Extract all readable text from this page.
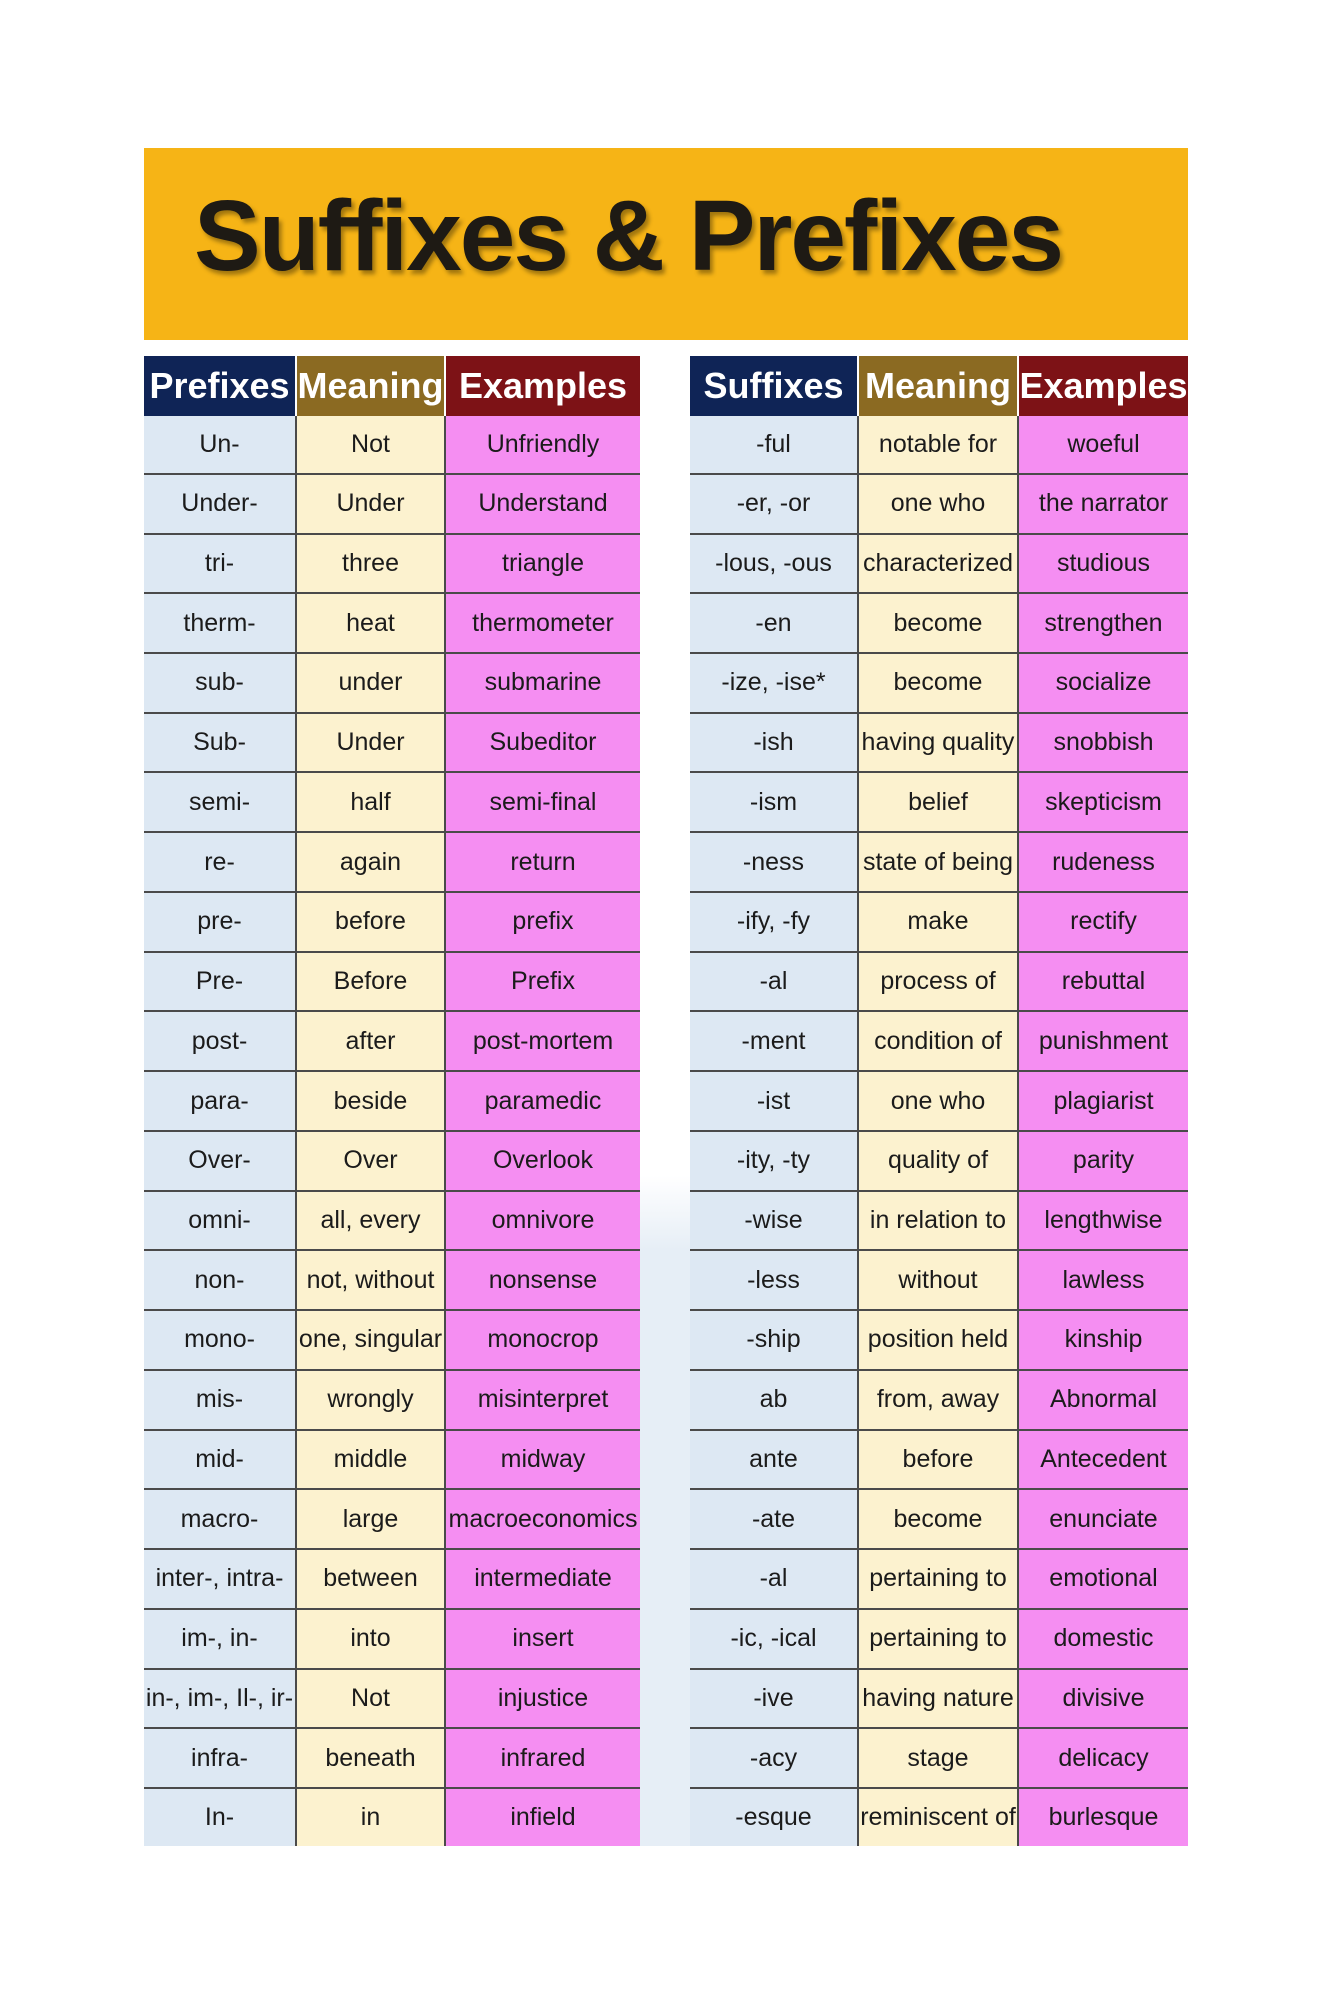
Suffixes & Prefixes
Prefixes	Meaning	Examples
Un-	Not	Unfriendly
Under-	Under	Understand
tri-	three	triangle
therm-	heat	thermometer
sub-	under	submarine
Sub-	Under	Subeditor
semi-	half	semi-final
re-	again	return
pre-	before	prefix
Pre-	Before	Prefix
post-	after	post-mortem
para-	beside	paramedic
Over-	Over	Overlook
omni-	all, every	omnivore
non-	not, without	nonsense
mono-	one, singular	monocrop
mis-	wrongly	misinterpret
mid-	middle	midway
macro-	large	macroeconomics
inter-, intra-	between	intermediate
im-, in-	into	insert
in-, im-, Il-, ir-	Not	injustice
infra-	beneath	infrared
In-	in	infield
Suffixes	Meaning	Examples
-ful	notable for	woeful
-er, -or	one who	the narrator
-lous, -ous	characterized	studious
-en	become	strengthen
-ize, -ise*	become	socialize
-ish	having quality	snobbish
-ism	belief	skepticism
-ness	state of being	rudeness
-ify, -fy	make	rectify
-al	process of	rebuttal
-ment	condition of	punishment
-ist	one who	plagiarist
-ity, -ty	quality of	parity
-wise	in relation to	lengthwise
-less	without	lawless
-ship	position held	kinship
ab	from, away	Abnormal
ante	before	Antecedent
-ate	become	enunciate
-al	pertaining to	emotional
-ic, -ical	pertaining to	domestic
-ive	having nature	divisive
-acy	stage	delicacy
-esque	reminiscent of	burlesque
